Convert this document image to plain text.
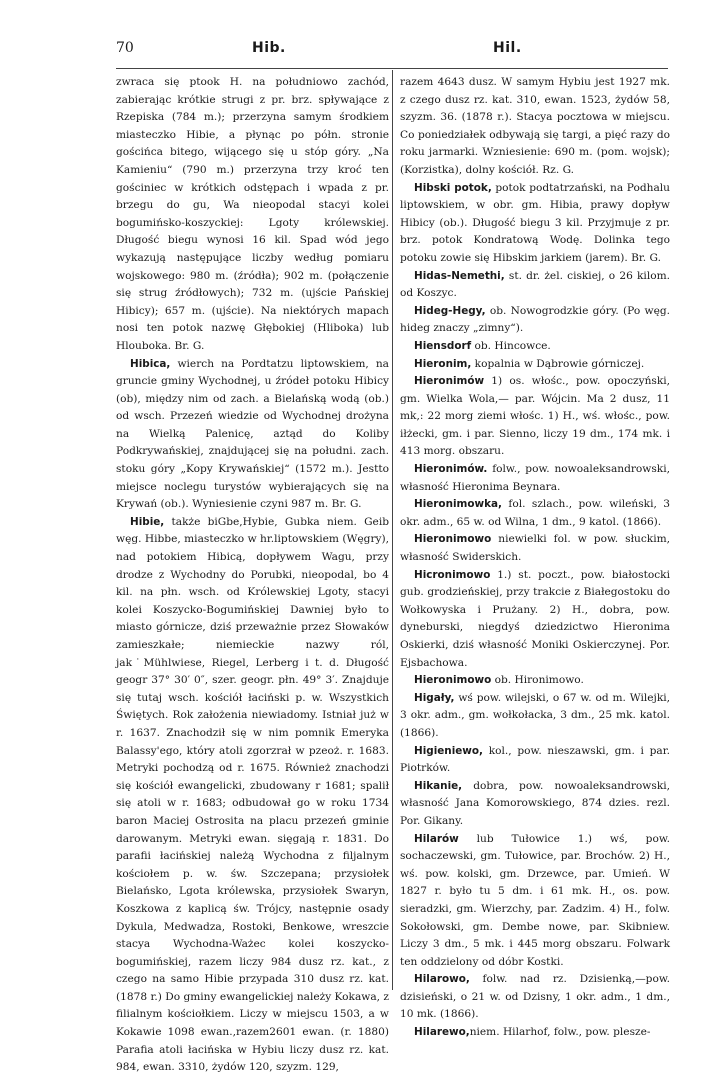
70	Hib.	Hil.

zwraca się ptook H. na południowo zachód, zabierając krótkie strugi z pr. brz. spływające z Rzepiska (784 m.); przerzyna samym środkiem miasteczko Hibie, a płynąc po półn. stronie gościńca bitego, wijącego się u stóp góry. „Na Kamieniu“ (790 m.) przerzyna trzy kroć ten gościniec w krótkich odstępach i wpada z pr. brzegu do gu, Wa nieopodal stacyi kolei bogumińsko-koszyckiej: Lgoty królewskiej. Długość biegu wynosi 16 kil. Spad wód jego wykazują następujące liczby według pomiaru wojskowego: 980 m. (źródła); 902 m. (połączenie się strug źródłowych); 732 m. (ujście Pańskiej Hibicy); 657 m. (ujście). Na niektórych mapach nosi ten potok nazwę Głębokiej (Hliboka) lub Hlouboka. Br. G.

Hibica, wierch na Pordtatzu liptowskiem, na gruncie gminy Wychodnej, u źródeł potoku Hibicy (ob), między nim od zach. a Bielańską wodą (ob.) od wsch. Przezeń wiedzie od Wychodnej drożyna na Wielką Palenicę, aztąd do Koliby Podkrywańskiej, znajdującej się na południ. zach. stoku góry „Kopy Krywańskiej“ (1572 m.). Jestto miejsce noclegu turystów wybierających się na Krywań (ob.). Wyniesienie czyni 987 m. Br. G.

Hibie, także biGbe,Hybie, Gubka niem. Geib węg. Hibbe, miasteczko w hr.liptowskiem (Węgry), nad potokiem Hibicą, dopływem Wagu, przy drodze z Wychodny do Porubki, nieopodal, bo 4 kil. na płn. wsch. od Królewskiej Lgoty, stacyi kolei Koszycko-Bogumińskiej Dawniej było to miasto górnicze, dziś przeważnie przez Słowaków zamieszkałe; niemieckie nazwy ról, jak˙Mühlwiese, Riegel, Lerberg i t. d. Długość geogr 37° 30′ 0″, szer. geogr. płn. 49° 3′. Znajduje się tutaj wsch. kościół łaciński p. w. Wszystkich Świętych. Rok założenia niewiadomy. Istniał już w r. 1637. Znachodził się w nim pomnik Emeryka Balassy'ego, który atoli zgorzrał w pzeoż. r. 1683. Metryki pochodzą od r. 1675. Również znachodzi się kościół ewangelicki, zbudowany r 1681; spalił się atoli w r. 1683; odbudował go w roku 1734 baron Maciej Ostrosita na placu przezeń gminie darowanym. Metryki ewan. sięgają r. 1831. Do parafii łacińskiej należą Wychodna z filjalnym kościołem p. w. św. Szczepana; przysiołek Bielańsko, Lgota królewska, przysiołek Swaryn, Koszkowa z kaplicą św. Trójcy, następnie osady Dykula, Medwadza, Rostoki, Benkowe, wreszcie stacya Wychodna-Ważec kolei koszycko-bogumińskiej, razem liczy 984 dusz rz. kat., z czego na samo Hibie przypada 310 dusz rz. kat. (1878 r.) Do gminy ewangelickiej należy Kokawa, z filialnym kościołkiem. Liczy w miejscu 1503, a w Kokawie 1098 ewan.,razem2601 ewan. (r. 1880) Parafia atoli łacińska w Hybiu liczy dusz rz. kat. 984, ewan. 3310, żydów 120, szyzm. 129,

razem 4643 dusz. W samym Hybiu jest 1927 mk. z czego dusz rz. kat. 310, ewan. 1523, żydów 58, szyzm. 36. (1878 r.). Stacya pocztowa w miejscu. Co poniedziałek odbywają się targi, a pięć razy do roku jarmarki. Wzniesienie: 690 m. (pom. wojsk); (Korzistka), dolny kościół. Rz. G.

Hibski potok, potok podtatrzański, na Podhalu liptowskiem, w obr. gm. Hibia, prawy dopływ Hibicy (ob.). Długość biegu 3 kil. Przyjmuje z pr. brz. potok Kondratową Wodę. Dolinka tego potoku zowie się Hibskim jarkiem (jarem). Br. G.

Hidas-Nemethi, st. dr. żel. ciskiej, o 26 kilom. od Koszyc.

Hideg-Hegy, ob. Nowogrodzkie góry. (Po węg. hideg znaczy „zimny“).

Hiensdorf ob. Hincowce.

Hieronim, kopalnia w Dąbrowie górniczej.

Hieronimów 1) os. włośc., pow. opoczyński, gm. Wielka Wola,— par. Wójcin. Ma 2 dusz, 11 mk,: 22 morg ziemi włośc. 1) H., wś. włośc., pow. iłżecki, gm. i par. Sienno, liczy 19 dm., 174 mk. i 413 morg. obszaru.

Hieronimów. folw., pow. nowoaleksandrowski, własność Hieronima Beynara.

Hieronimowka, fol. szlach., pow. wileński, 3 okr. adm., 65 w. od Wilna, 1 dm., 9 katol. (1866).

Hieronimowo niewielki fol. w pow. słuckim, własność Swiderskich.

Hicronimowo 1.) st. poczt., pow. białostocki gub. grodzieńskiej, przy trakcie z Białegostoku do Wołkowyska i Prużany. 2) H., dobra, pow. dyneburski, niegdyś dziedzictwo Hieronima Oskierki, dziś własność Moniki Oskierczynej. Por. Ejsbachowa.

Hieronimowo ob. Hironimowo.

Higały, wś pow. wilejski, o 67 w. od m. Wilejki, 3 okr. adm., gm. wołkołacka, 3 dm., 25 mk. katol. (1866).

Higieniewo, kol., pow. nieszawski, gm. i par. Piotrków.

Hikanie, dobra, pow. nowoaleksandrowski, własność Jana Komorowskiego, 874 dzies. rezl. Por. Gikany.

Hilarów lub Tułowice 1.) wś, pow. sochaczewski, gm. Tułowice, par. Brochów. 2) H., wś. pow. kolski, gm. Drzewce, par. Umień. W 1827 r. było tu 5 dm. i 61 mk. H., os. pow. sieradzki, gm. Wierzchy, par. Zadzim. 4) H., folw. Sokołowski, gm. Dembe nowe, par. Skibniew. Liczy 3 dm., 5 mk. i 445 morg obszaru. Folwark ten oddzielony od dóbr Kostki.

Hilarowo, folw. nad rz. Dzisienką,—pow. dzisieński, o 21 w. od Dzisny, 1 okr. adm., 1 dm., 10 mk. (1866).

Hilarewo,niem. Hilarhof, folw., pow. plesze-
